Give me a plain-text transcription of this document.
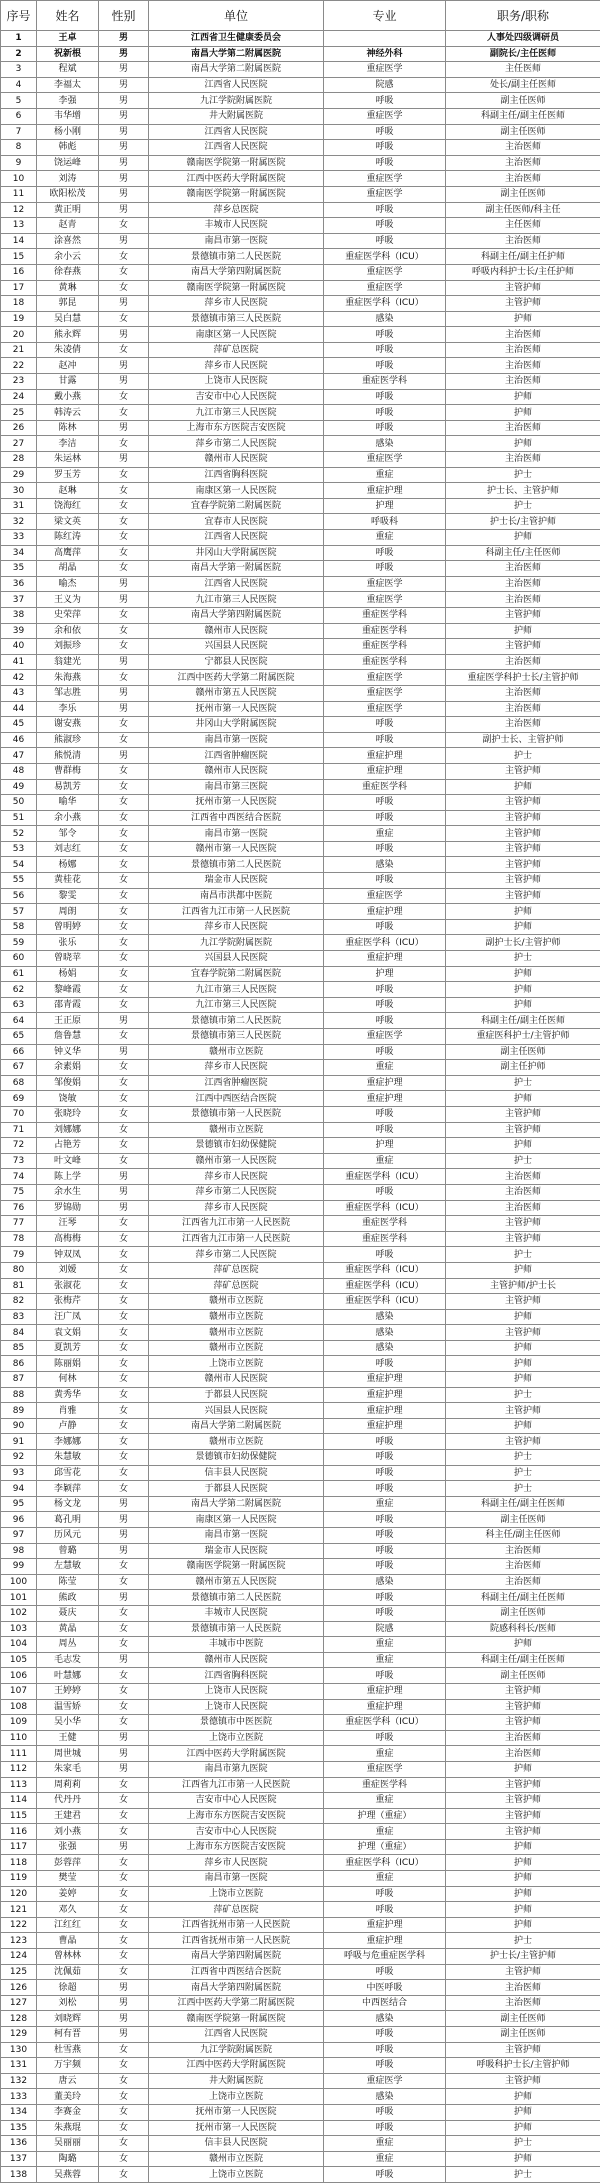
序号	姓名	性别	单位	专业	职务/职称
1	王卓	男	江西省卫生健康委员会		人事处四级调研员
2	祝新根	男	南昌大学第二附属医院	神经外科	副院长/主任医师
3	程斌	男	南昌大学第二附属医院	重症医学	主任医师
4	李福太	男	江西省人民医院	院感	处长/副主任医师
5	李强	男	九江学院附属医院	呼吸	副主任医师
6	韦华增	男	井大附属医院	重症医学	科副主任/副主任医师
7	杨小刚	男	江西省人民医院	呼吸	副主任医师
8	韩彪	男	江西省人民医院	呼吸	主治医师
9	饶运峰	男	赣南医学院第一附属医院	呼吸	主治医师
10	刘涛	男	江西中医药大学附属医院	重症医学	主治医师
11	欧阳松茂	男	赣南医学院第一附属医院	重症医学	副主任医师
12	黄正明	男	萍乡总医院	呼吸	副主任医师/科主任
13	赵青	女	丰城市人民医院	呼吸	主任医师
14	涂喜然	男	南昌市第一医院	呼吸	主治医师
15	余小云	女	景德镇市第二人民医院	重症医学科（ICU）	科副主任/副主任护师
16	徐春燕	女	南昌大学第四附属医院	重症医学	呼吸内科护士长/主任护师
17	黄琳	女	赣南医学院第一附属医院	重症医学	主管护师
18	郭昆	男	萍乡市人民医院	重症医学科（ICU）	主管护师
19	吴白慧	女	景德镇市第三人民医院	感染	护师
20	熊永辉	男	南康区第一人民医院	呼吸	主治医师
21	朱凌倩	女	萍矿总医院	呼吸	主治医师
22	赵冲	男	萍乡市人民医院	呼吸	主治医师
23	甘露	男	上饶市人民医院	重症医学科	主治医师
24	戴小燕	女	吉安市中心人民医院	呼吸	护师
25	韩涛云	女	九江市第三人民医院	呼吸	护师
26	陈林	男	上海市东方医院吉安医院	呼吸	主治医师
27	李洁	女	萍乡市第二人民医院	感染	护师
28	朱运林	男	赣州市人民医院	重症医学	主治医师
29	罗玉芳	女	江西省胸科医院	重症	护士
30	赵琳	女	南康区第一人民医院	重症护理	护士长、主管护师
31	饶海红	女	宜春学院第二附属医院	护理	护士
32	梁文英	女	宜春市人民医院	呼吸科	护士长/主管护师
33	陈红涛	女	江西省人民医院	重症	护师
34	高鹰萍	女	井冈山大学附属医院	呼吸	科副主任/主任医师
35	胡晶	女	南昌大学第一附属医院	呼吸	主治医师
36	喻杰	男	江西省人民医院	重症医学	主治医师
37	王义为	男	九江市第三人民医院	重症医学	主治医师
38	史荣萍	女	南昌大学第四附属医院	重症医学科	主管护师
39	余和依	女	赣州市人民医院	重症医学科	护师
40	刘振珍	女	兴国县人民医院	重症医学科	主管护师
41	翁建光	男	宁都县人民医院	重症医学科	主治医师
42	朱海燕	女	江西中医药大学第二附属医院	重症医学	重症医学科护士长/主管护师
43	邹志胜	男	赣州市第五人民医院	重症医学	主治医师
44	李乐	男	抚州市第一人民医院	重症医学	主治医师
45	谢安燕	女	井冈山大学附属医院	呼吸	主治医师
46	熊淑珍	女	南昌市第一医院	呼吸	副护士长、主管护师
47	熊悦清	男	江西省肿瘤医院	重症护理	护士
48	曹群梅	女	赣州市人民医院	重症护理	主管护师
49	易凯芳	女	南昌市第三医院	重症医学科	护师
50	喻华	女	抚州市第一人民医院	呼吸	主管护师
51	余小燕	女	江西省中西医结合医院	呼吸	主管护师
52	邹令	女	南昌市第一医院	重症	主管护师
53	刘志红	女	赣州市第一人民医院	呼吸	主管护师
54	杨娜	女	景德镇市第二人民医院	感染	主管护师
55	黄桂花	女	瑞金市人民医院	呼吸	主管护师
56	黎雯	女	南昌市洪都中医院	重症医学	主管护师
57	周朗	女	江西省九江市第一人民医院	重症护理	护师
58	曾明婷	女	萍乡市人民医院	呼吸	护师
59	张乐	女	九江学院附属医院	重症医学科（ICU）	副护士长/主管护师
60	曾晓苹	女	兴国县人民医院	重症护理	护士
61	杨娟	女	宜春学院第二附属医院	护理	护师
62	黎峰霞	女	九江市第三人民医院	呼吸	护师
63	邵青霞	女	九江市第三人民医院	呼吸	护师
64	王正原	男	景德镇市第二人民医院	呼吸	科副主任/副主任医师
65	詹鲁慧	女	景德镇市第三人民医院	重症医学	重症医科护士/主管护师
66	钟义华	男	赣州市立医院	呼吸	副主任医师
67	余素娟	女	萍乡市人民医院	重症	副主任护师
68	邹俊娟	女	江西省肿瘤医院	重症护理	护士
69	饶敏	女	江西中西医结合医院	重症护理	护师
70	张晓玲	女	景德镇市第一人民医院	呼吸	主管护师
71	刘娜娜	女	赣州市立医院	呼吸	主管护师
72	占艳芳	女	景德镇市妇幼保健院	护理	护师
73	叶文峰	女	赣州市第一人民医院	重症	护士
74	陈上学	男	萍乡市人民医院	重症医学科（ICU）	主治医师
75	余水生	男	萍乡市第二人民医院	呼吸	主治医师
76	罗锦勋	男	萍乡市人民医院	重症医学科（ICU）	主治医师
77	汪琴	女	江西省九江市第一人民医院	重症医学科	主管护师
78	高梅梅	女	江西省九江市第一人民医院	重症医学科	主管护师
79	钟双凤	女	萍乡市第二人民医院	呼吸	护士
80	刘嫒	女	萍矿总医院	重症医学科（ICU）	护师
81	张淑花	女	萍矿总医院	重症医学科（ICU）	主管护师/护士长
82	张梅芹	女	赣州市立医院	重症医学科（ICU）	主管护师
83	汪广凤	女	赣州市立医院	感染	护师
84	袁文娟	女	赣州市立医院	感染	主管护师
85	夏凯芳	女	赣州市立医院	感染	护师
86	陈丽娟	女	上饶市立医院	呼吸	护师
87	何林	女	赣州市人民医院	重症护理	护师
88	黄秀华	女	于都县人民医院	重症护理	护士
89	肖雅	女	兴国县人民医院	重症护理	主管护师
90	卢静	女	南昌大学第二附属医院	重症护理	护师
91	李娜娜	女	赣州市立医院	呼吸	主管护师
92	朱慧敏	女	景德镇市妇幼保健院	呼吸	护士
93	邱雪花	女	信丰县人民医院	呼吸	护士
94	李颖萍	女	于都县人民医院	呼吸	护士
95	杨文龙	男	南昌大学第二附属医院	重症	科副主任/副主任医师
96	葛孔明	男	南康区第一人民医院	呼吸	副主任医师
97	历风元	男	南昌市第一医院	呼吸	科主任/副主任医师
98	曾璐	男	瑞金市人民医院	呼吸	主治医师
99	左慧敏	女	赣南医学院第一附属医院	呼吸	主治医师
100	陈莹	女	赣州市第五人民医院	感染	主治医师
101	熊政	男	景德镇市第二人民医院	呼吸	科副主任/副主任医师
102	聂庆	女	丰城市人民医院	呼吸	副主任医师
103	黄晶	女	景德镇市第一人民医院	院感	院感科科长/医师
104	周丛	女	丰城市中医院	重症	护师
105	毛志发	男	赣州市人民医院	重症	科副主任/副主任医师
106	叶慧娜	女	江西省胸科医院	呼吸	副主任医师
107	王婷婷	女	上饶市人民医院	重症护理	主管护师
108	温雪娇	女	上饶市人民医院	重症护理	主管护师
109	吴小华	女	景德镇市中医医院	重症医学科（ICU）	主管护师
110	王健	男	上饶市立医院	呼吸	主治医师
111	周世城	男	江西中医药大学附属医院	重症	主治医师
112	朱家毛	男	南昌市第九医院	重症医学	护师
113	周莉莉	女	江西省九江市第一人民医院	重症医学科	主管护师
114	代丹丹	女	吉安市中心人民医院	重症	主管护师
115	王建君	女	上海市东方医院吉安医院	护理（重症）	主管护师
116	刘小燕	女	吉安市中心人民医院	重症	主管护师
117	张强	男	上海市东方医院吉安医院	护理（重症）	护师
118	彭蓉萍	女	萍乡市人民医院	重症医学科（ICU）	护师
119	樊莹	女	南昌市第一医院	重症	护师
120	姜婷	女	上饶市立医院	呼吸	护师
121	邓久	女	萍矿总医院	呼吸	护师
122	江红红	女	江西省抚州市第一人民医院	重症护理	护师
123	曹晶	女	江西省抚州市第一人民医院	重症护理	护士
124	曾林林	女	南昌大学第四附属医院	呼吸与危重症医学科	护士长/主管护师
125	沈佩茹	女	江西省中西医结合医院	呼吸	主管护师
126	徐超	男	南昌大学第四附属医院	中医呼吸	主治医师
127	刘松	男	江西中医药大学第二附属医院	中西医结合	主治医师
128	刘晓辉	男	赣南医学院第一附属医院	感染	副主任医师
129	柯有晋	男	江西省人民医院	呼吸	副主任医师
130	杜雪燕	女	九江学院附属医院	呼吸	主管护师
131	万宇频	女	江西中医药大学附属医院	呼吸	呼吸科护士长/主管护师
132	唐云	女	井大附属医院	重症医学	主管护师
133	董美玲	女	上饶市立医院	感染	护师
134	李赛金	女	抚州市第一人民医院	呼吸	护师
135	朱燕琨	女	抚州市第一人民医院	呼吸	护师
136	吴丽丽	女	信丰县人民医院	重症	护士
137	陶璐	女	赣州市立医院	重症	护师
138	吴燕蓉	女	上饶市立医院	呼吸	护士
